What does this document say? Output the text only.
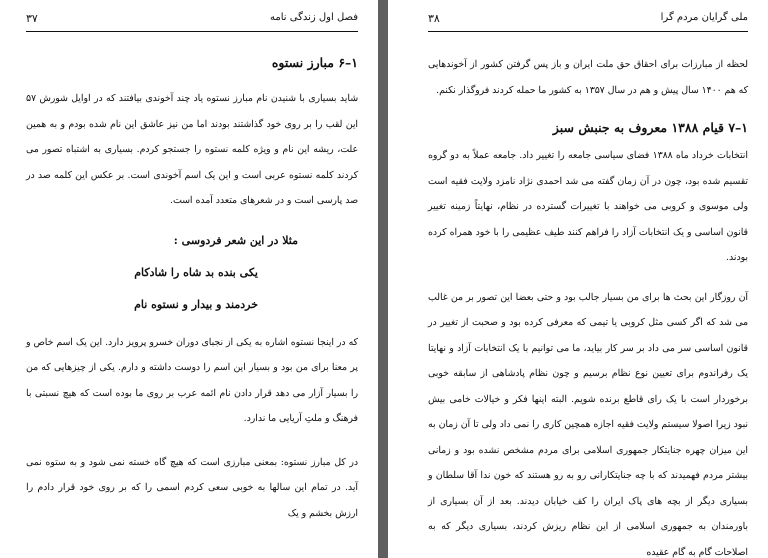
فصل اول زندگی نامه
۳۷
۱–۶ مبارز نستوه

شاید بسیاری با شنیدن نام مبارز نستوه یاد چند آخوندی بیافتند که در اوایل شورش ۵۷ این لقب را بر روی خود گذاشتند بودند اما من نیز عاشق این نام شده بودم و به همین علت، ریشه این نام و ویژه کلمه نستوه را جستجو کردم. بسیاری به اشتباه تصور می کردند کلمه نستوه عربی است و این یک اسم آخوندی است. بر عکس این کلمه صد در صد پارسی است و در شعرهای متعدد آمده است.

مثلا در این شعر فردوسی :
یکی بنده بد شاه را شادکام
خردمند و بیدار و نستوه نام

که در اینجا نستوه اشاره به یکی از نجبای دوران خسرو پرویز دارد. این یک اسم خاص و پر معنا برای من بود و بسیار این اسم را دوست داشته و دارم. یکی از چیزهایی که من را بسیار آزار می دهد قرار دادن نام ائمه عرب بر روی ما بوده است که هیچ نسبتی با فرهنگ و ملتِ آریایی ما ندارد.

در کل مبارز نستوه: بمعنی مبارزی است که هیچ گاه خسته نمی شود و به ستوه نمی آید. در تمام این سالها به خوبی سعی کردم اسمی را که بر روی خود قرار دادم را ارزش بخشم و یک

ملی گرایان مردم گرا
۳۸

لحظه از مبارزات برای احقاق حق ملت ایران و باز پس گرفتن کشور از آخوندهایی که هم ۱۴۰۰ سال پیش و هم در سال ۱۳۵۷ به کشور ما حمله کردند فروگذار نکنم.

۱–۷ قیام ۱۳۸۸ معروف به جنبش سبز

انتخابات خرداد ماه ۱۳۸۸ فضای سیاسی جامعه را تغییر داد. جامعه عملاً به دو گروه تقسیم شده بود، چون در آن زمان گفته می شد احمدی نژاد نامزد ولایت فقیه است ولی موسوی و کروبی می خواهند با تغییرات گسترده در نظام، نهایتاً زمینه تغییر قانون اساسی و یک انتخابات آزاد را فراهم کنند طیف عظیمی را با خود همراه کرده بودند.

آن روزگار این بحث ها برای من بسیار جالب بود و حتی بعضا این تصور بر من غالب می شد که اگر کسی مثل کروبی یا تیمی که معرفی کرده بود و صحبت از تغییر در قانون اساسی سر می داد بر سر کار بیاید، ما می توانیم با یک انتخابات آزاد و نهایتا یک رفراندوم برای تعیین نوع نظام برسیم و چون نظام پادشاهی از سابقه خوبی برخوردار است با یک رای قاطع برنده شویم. البته اینها فکر و خیالات خامی بیش نبود زیرا اصولا سیستم ولایت فقیه اجازه همچین کاری را نمی داد ولی تا آن زمان به این میزان چهره جنایتکار جمهوری اسلامی برای مردم مشخص نشده بود و زمانی بیشتر مردم فهمیدند که با چه جنایتکارانی رو به رو هستند که خون ندا آقا سلطان و بسیاری دیگر از بچه های پاک ایران را کف خیابان دیدند. بعد از آن بسیاری از باورمندان به جمهوری اسلامی از این نظام ریزش کردند، بسیاری دیگر که به اصلاحات گام به گام عقیده
